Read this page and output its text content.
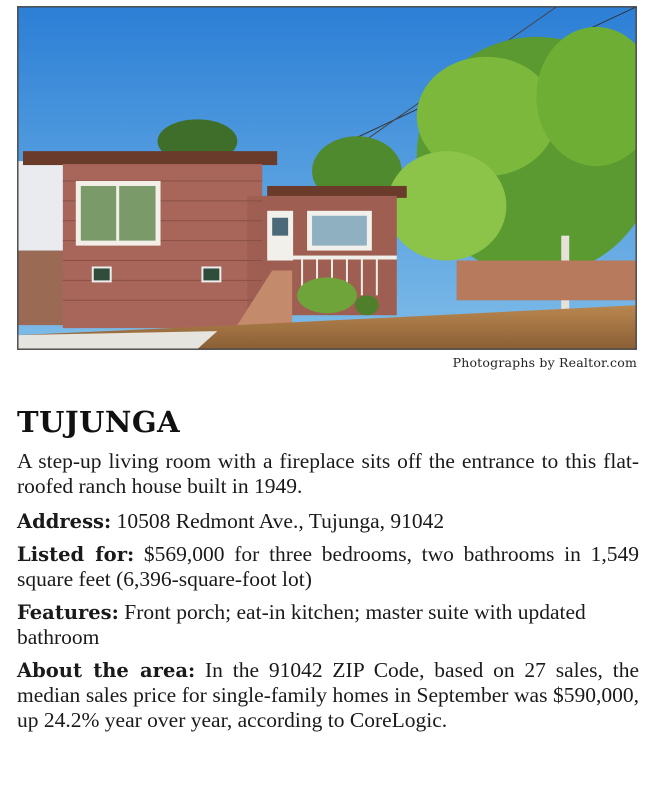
Photographs by Realtor.com
TUJUNGA

A step-up living room with a fireplace sits off the entrance to this flat-roofed ranch house built in 1949.

Address: 10508 Redmont Ave., Tujunga, 91042

Listed for: $569,000 for three bedrooms, two bathrooms in 1,549 square feet (6,396-square-foot lot)

Features: Front porch; eat-in kitchen; master suite with updated bathroom

About the area: In the 91042 ZIP Code, based on 27 sales, the median sales price for single-family homes in September was $590,000, up 24.2% year over year, according to CoreLogic.
